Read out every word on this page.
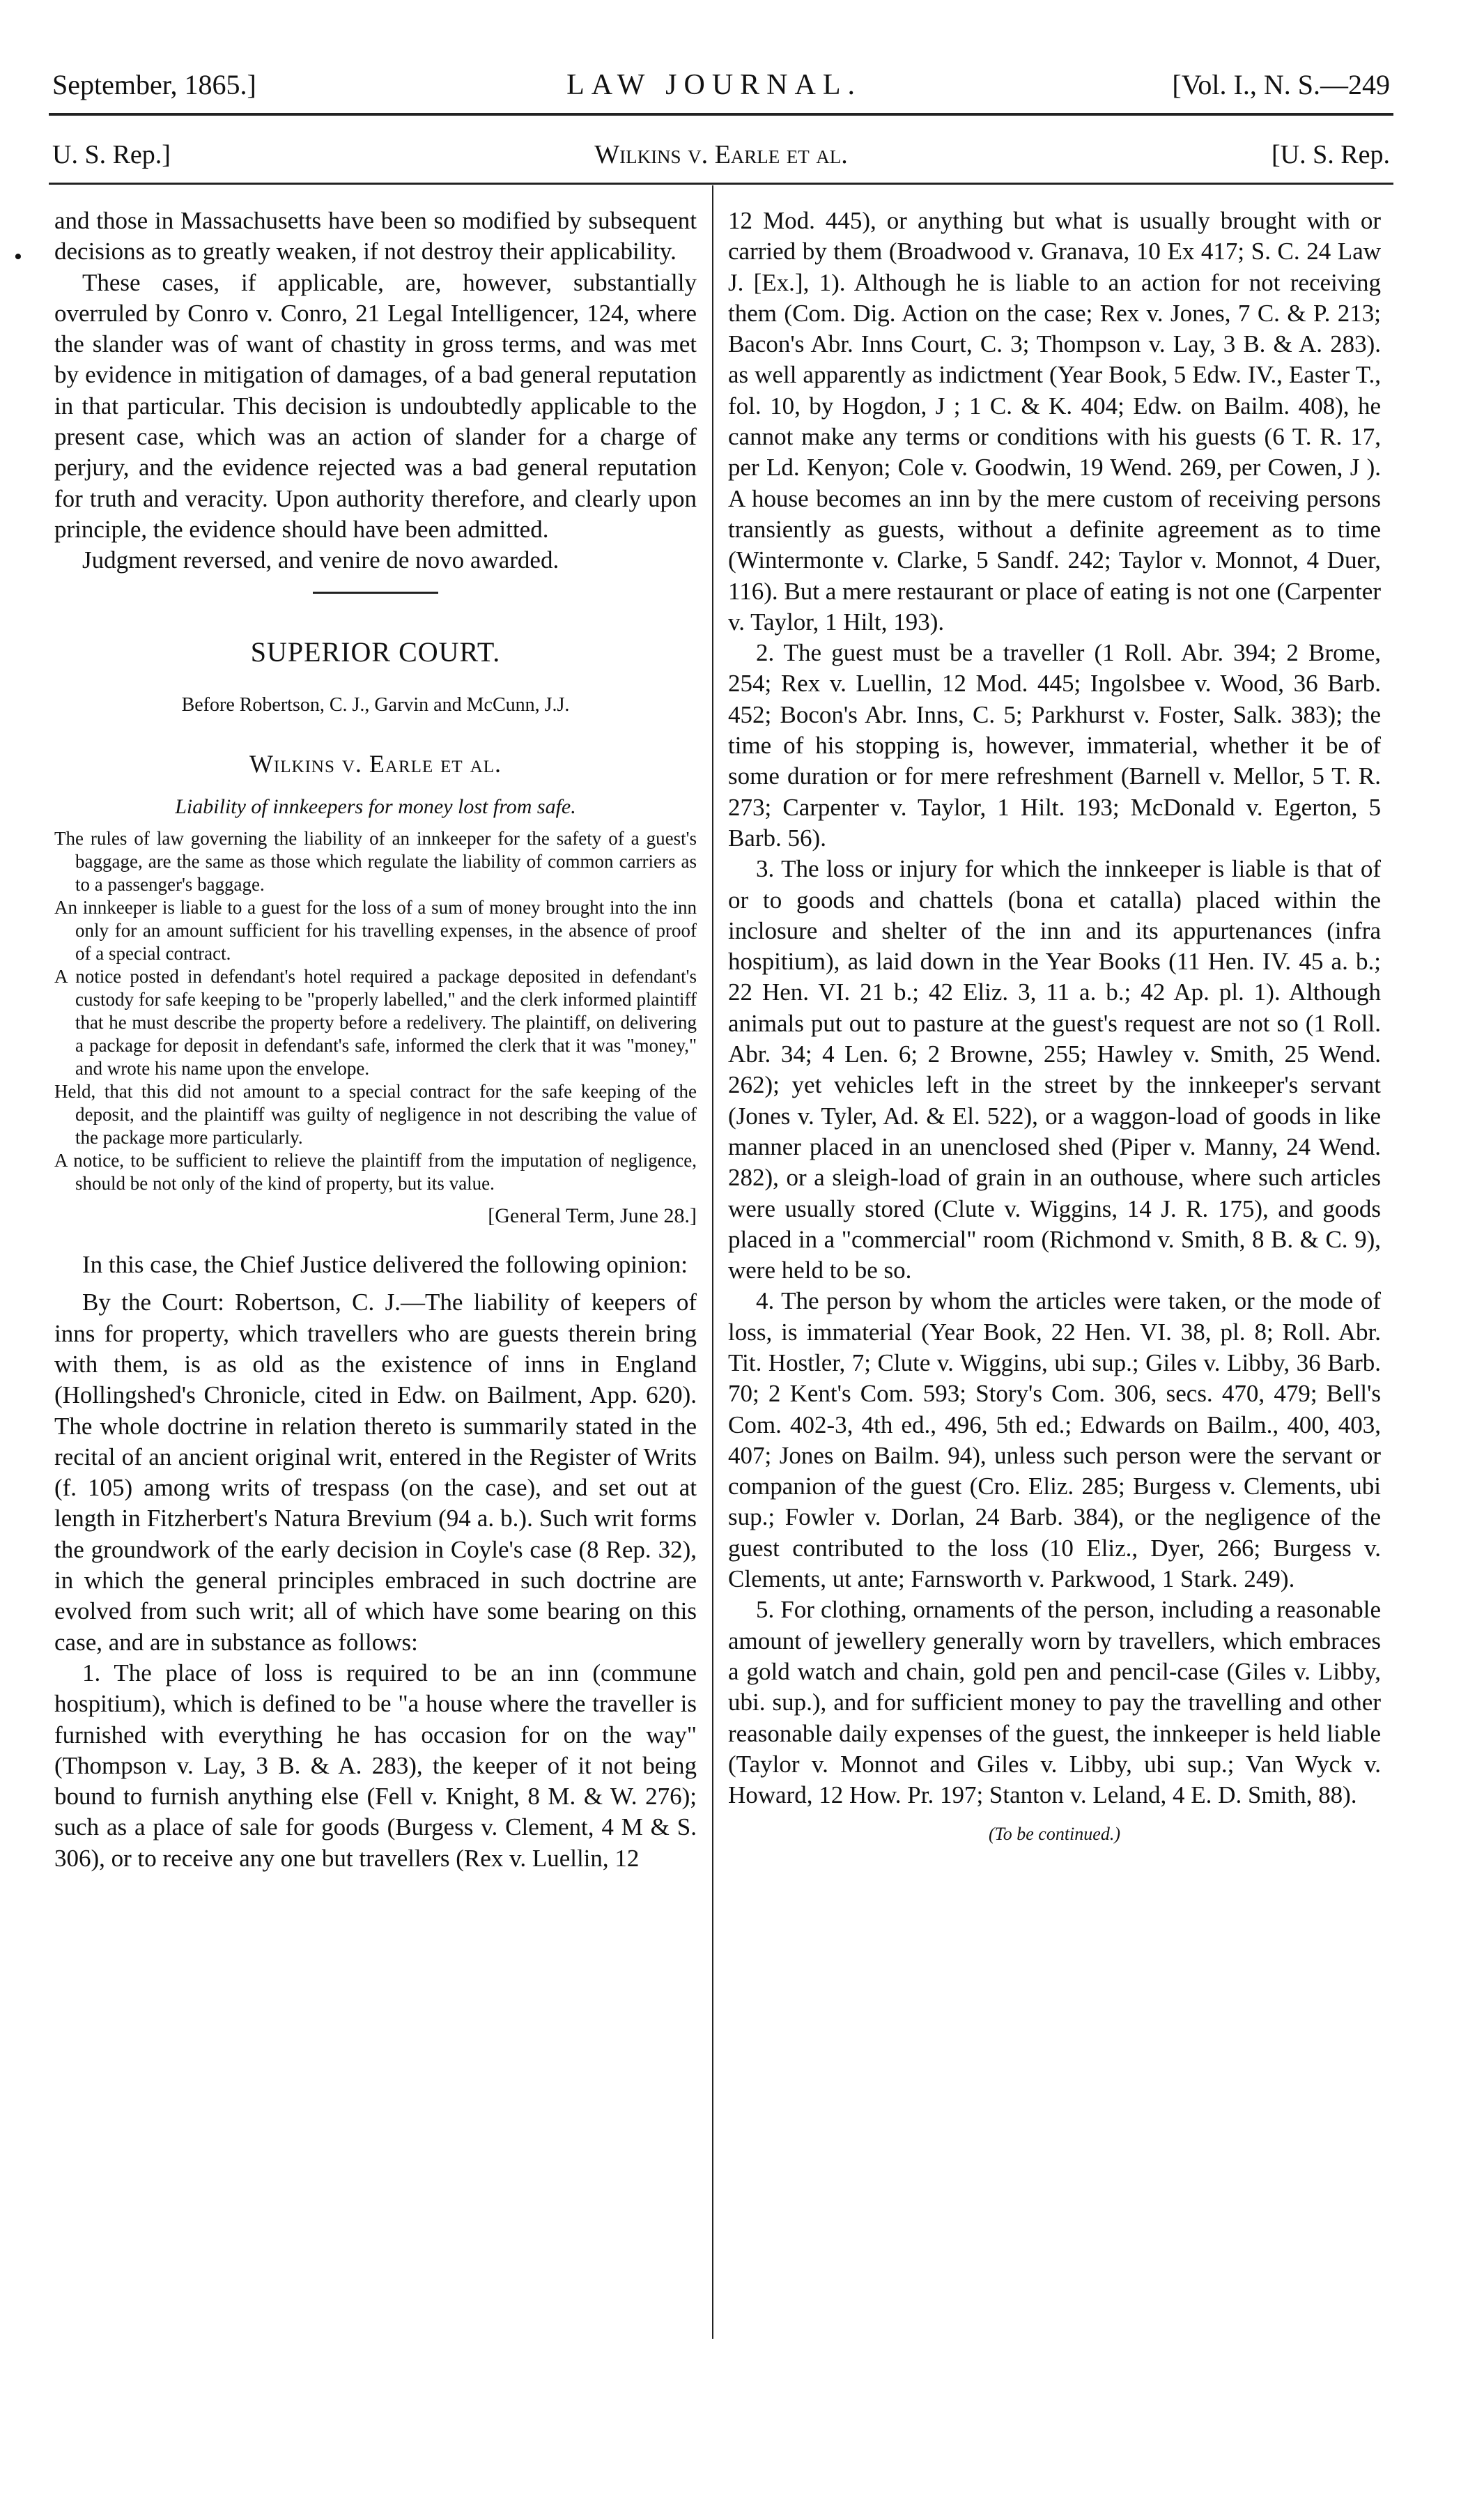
September, 1865.]	LAW JOURNAL.	[Vol. I., N. S.—249
U. S. Rep.]	Wilkins v. Earle et al.	[U. S. Rep.
•

and those in Massachusetts have been so modified by subsequent decisions as to greatly weaken, if not destroy their applicability.

These cases, if applicable, are, however, substantially overruled by Conro v. Conro, 21 Legal Intelligencer, 124, where the slander was of want of chastity in gross terms, and was met by evidence in mitigation of damages, of a bad general reputation in that particular. This decision is undoubtedly applicable to the present case, which was an action of slander for a charge of perjury, and the evidence rejected was a bad general reputation for truth and veracity. Upon authority therefore, and clearly upon principle, the evidence should have been admitted.

Judgment reversed, and venire de novo awarded.

SUPERIOR COURT.

Before Robertson, C. J., Garvin and McCunn, J.J.

Wilkins v. Earle et al.

Liability of innkeepers for money lost from safe.

The rules of law governing the liability of an innkeeper for the safety of a guest's baggage, are the same as those which regulate the liability of common carriers as to a passenger's baggage.

An innkeeper is liable to a guest for the loss of a sum of money brought into the inn only for an amount sufficient for his travelling expenses, in the absence of proof of a special contract.

A notice posted in defendant's hotel required a package deposited in defendant's custody for safe keeping to be "properly labelled," and the clerk informed plaintiff that he must describe the property before a redelivery. The plaintiff, on delivering a package for deposit in defendant's safe, informed the clerk that it was "money," and wrote his name upon the envelope.

Held, that this did not amount to a special contract for the safe keeping of the deposit, and the plaintiff was guilty of negligence in not describing the value of the package more particularly.

A notice, to be sufficient to relieve the plaintiff from the imputation of negligence, should be not only of the kind of property, but its value.

[General Term, June 28.]

In this case, the Chief Justice delivered the following opinion:

By the Court: Robertson, C. J.—The liability of keepers of inns for property, which travellers who are guests therein bring with them, is as old as the existence of inns in England (Hollingshed's Chronicle, cited in Edw. on Bailment, App. 620). The whole doctrine in relation thereto is summarily stated in the recital of an ancient original writ, entered in the Register of Writs (f. 105) among writs of trespass (on the case), and set out at length in Fitzherbert's Natura Brevium (94 a. b.). Such writ forms the groundwork of the early decision in Coyle's case (8 Rep. 32), in which the general principles embraced in such doctrine are evolved from such writ; all of which have some bearing on this case, and are in substance as follows:

1. The place of loss is required to be an inn (commune hospitium), which is defined to be "a house where the traveller is furnished with everything he has occasion for on the way" (Thompson v. Lay, 3 B. & A. 283), the keeper of it not being bound to furnish anything else (Fell v. Knight, 8 M. & W. 276); such as a place of sale for goods (Burgess v. Clement, 4 M & S. 306), or to receive any one but travellers (Rex v. Luellin, 12

12 Mod. 445), or anything but what is usually brought with or carried by them (Broadwood v. Granava, 10 Ex 417; S. C. 24 Law J. [Ex.], 1). Although he is liable to an action for not receiving them (Com. Dig. Action on the case; Rex v. Jones, 7 C. & P. 213; Bacon's Abr. Inns Court, C. 3; Thompson v. Lay, 3 B. & A. 283). as well apparently as indictment (Year Book, 5 Edw. IV., Easter T., fol. 10, by Hogdon, J ; 1 C. & K. 404; Edw. on Bailm. 408), he cannot make any terms or conditions with his guests (6 T. R. 17, per Ld. Kenyon; Cole v. Goodwin, 19 Wend. 269, per Cowen, J ). A house becomes an inn by the mere custom of receiving persons transiently as guests, without a definite agreement as to time (Wintermonte v. Clarke, 5 Sandf. 242; Taylor v. Monnot, 4 Duer, 116). But a mere restaurant or place of eating is not one (Carpenter v. Taylor, 1 Hilt, 193).

2. The guest must be a traveller (1 Roll. Abr. 394; 2 Brome, 254; Rex v. Luellin, 12 Mod. 445; Ingolsbee v. Wood, 36 Barb. 452; Bocon's Abr. Inns, C. 5; Parkhurst v. Foster, Salk. 383); the time of his stopping is, however, immaterial, whether it be of some duration or for mere refreshment (Barnell v. Mellor, 5 T. R. 273; Carpenter v. Taylor, 1 Hilt. 193; McDonald v. Egerton, 5 Barb. 56).

3. The loss or injury for which the innkeeper is liable is that of or to goods and chattels (bona et catalla) placed within the inclosure and shelter of the inn and its appurtenances (infra hospitium), as laid down in the Year Books (11 Hen. IV. 45 a. b.; 22 Hen. VI. 21 b.; 42 Eliz. 3, 11 a. b.; 42 Ap. pl. 1). Although animals put out to pasture at the guest's request are not so (1 Roll. Abr. 34; 4 Len. 6; 2 Browne, 255; Hawley v. Smith, 25 Wend. 262); yet vehicles left in the street by the innkeeper's servant (Jones v. Tyler, Ad. & El. 522), or a waggon-load of goods in like manner placed in an unenclosed shed (Piper v. Manny, 24 Wend. 282), or a sleigh-load of grain in an outhouse, where such articles were usually stored (Clute v. Wiggins, 14 J. R. 175), and goods placed in a "commercial" room (Richmond v. Smith, 8 B. & C. 9), were held to be so.

4. The person by whom the articles were taken, or the mode of loss, is immaterial (Year Book, 22 Hen. VI. 38, pl. 8; Roll. Abr. Tit. Hostler, 7; Clute v. Wiggins, ubi sup.; Giles v. Libby, 36 Barb. 70; 2 Kent's Com. 593; Story's Com. 306, secs. 470, 479; Bell's Com. 402-3, 4th ed., 496, 5th ed.; Edwards on Bailm., 400, 403, 407; Jones on Bailm. 94), unless such person were the servant or companion of the guest (Cro. Eliz. 285; Burgess v. Clements, ubi sup.; Fowler v. Dorlan, 24 Barb. 384), or the negligence of the guest contributed to the loss (10 Eliz., Dyer, 266; Burgess v. Clements, ut ante; Farnsworth v. Parkwood, 1 Stark. 249).

5. For clothing, ornaments of the person, including a reasonable amount of jewellery generally worn by travellers, which embraces a gold watch and chain, gold pen and pencil-case (Giles v. Libby, ubi. sup.), and for sufficient money to pay the travelling and other reasonable daily expenses of the guest, the innkeeper is held liable (Taylor v. Monnot and Giles v. Libby, ubi sup.; Van Wyck v. Howard, 12 How. Pr. 197; Stanton v. Leland, 4 E. D. Smith, 88).

(To be continued.)
